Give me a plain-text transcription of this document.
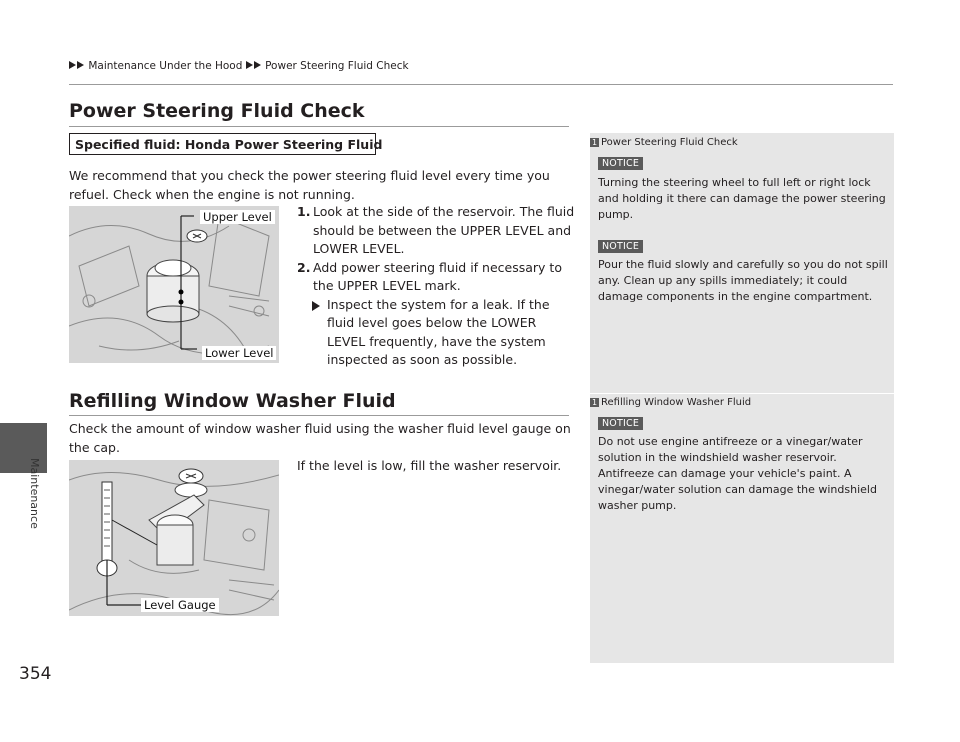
Maintenance
354
Maintenance Under the Hood Power Steering Fluid Check
Power Steering Fluid Check
Specified fluid: Honda Power Steering Fluid
We recommend that you check the power steering fluid level every time you refuel. Check when the engine is not running.
1. Look at the side of the reservoir. The fluid should be between the UPPER LEVEL and LOWER LEVEL.
2. Add power steering fluid if necessary to the UPPER LEVEL mark.
Inspect the system for a leak. If the fluid level goes below the LOWER LEVEL frequently, have the system inspected as soon as possible.
Upper Level
Lower Level
Refilling Window Washer Fluid
Check the amount of window washer fluid using the washer fluid level gauge on the cap.
If the level is low, fill the washer reservoir.
Level Gauge
1 Power Steering Fluid Check
NOTICE
Turning the steering wheel to full left or right lock and holding it there can damage the power steering pump.
NOTICE
Pour the fluid slowly and carefully so you do not spill any. Clean up any spills immediately; it could damage components in the engine compartment.
1 Refilling Window Washer Fluid
NOTICE
Do not use engine antifreeze or a vinegar/water solution in the windshield washer reservoir. Antifreeze can damage your vehicle's paint. A vinegar/water solution can damage the windshield washer pump.
